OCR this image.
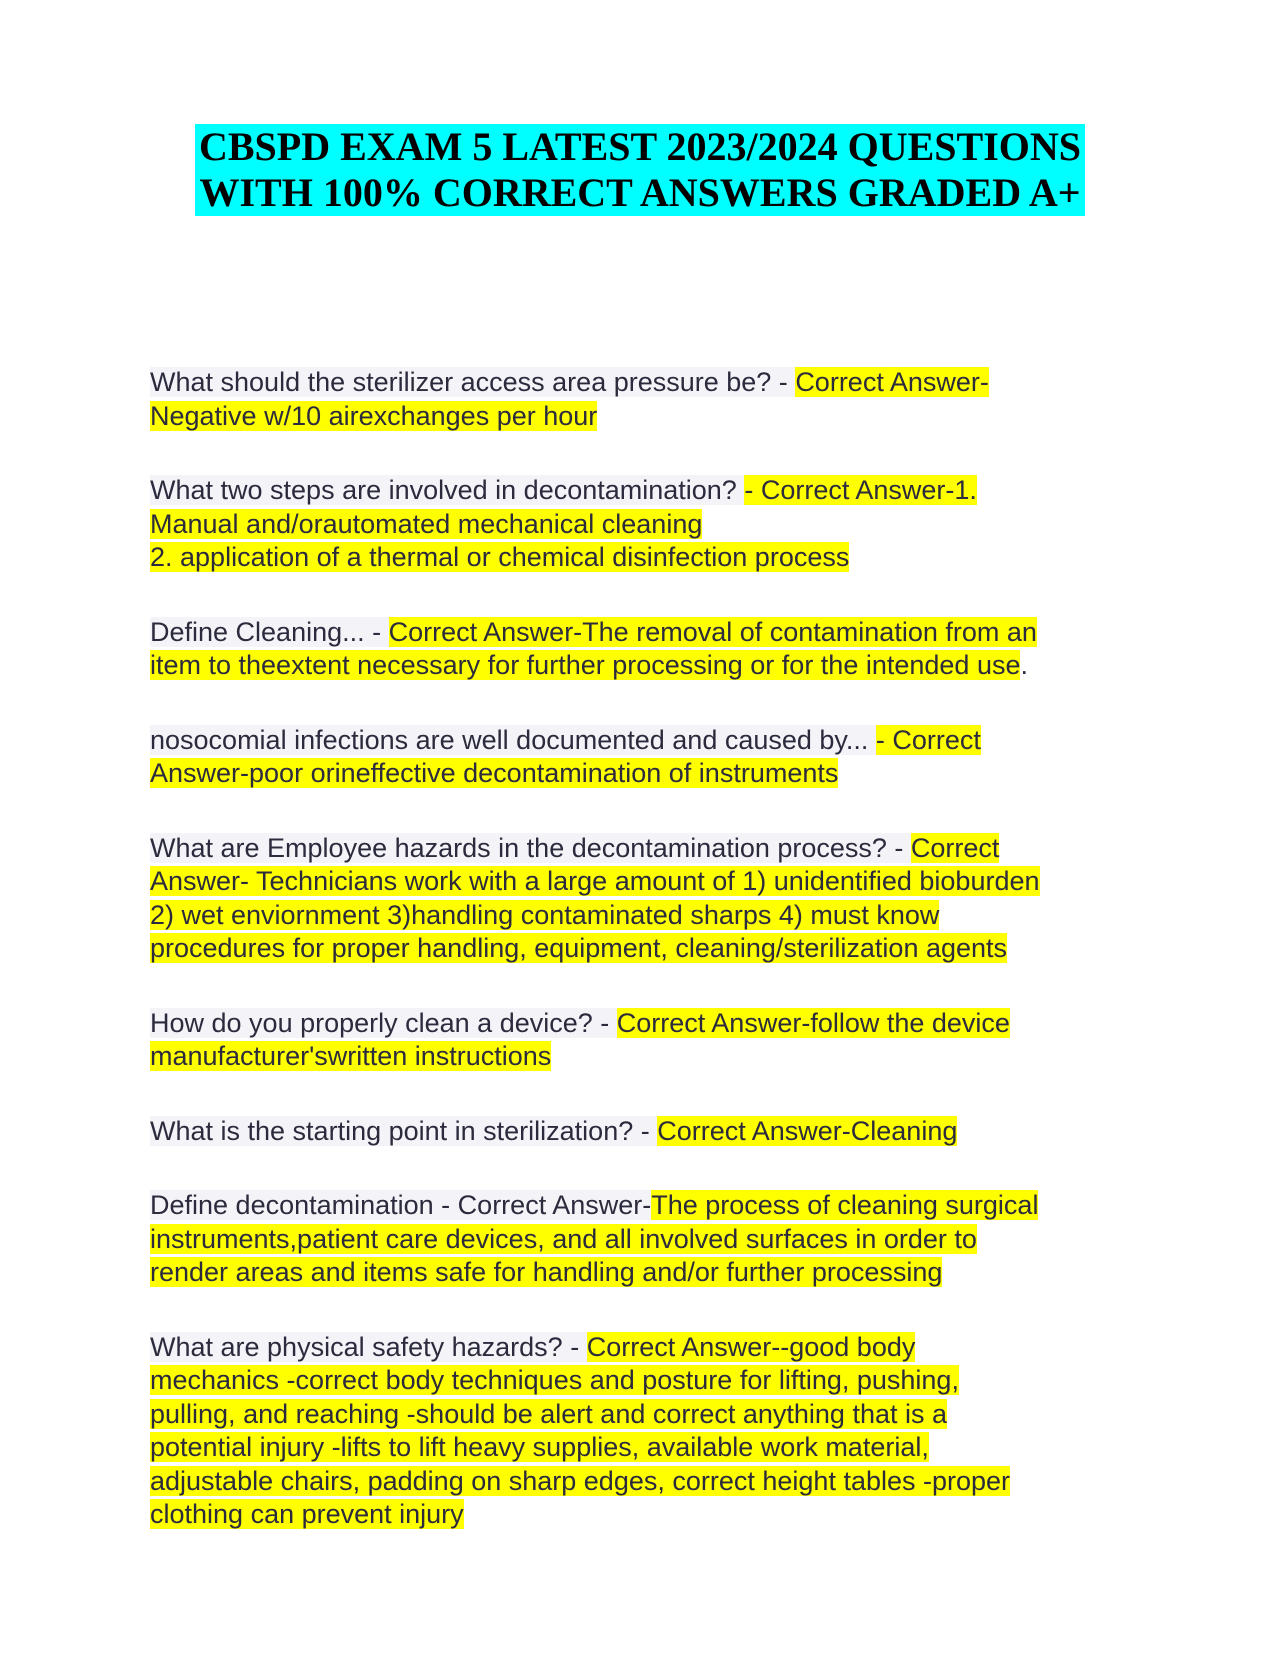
CBSPD EXAM 5 LATEST 2023/2024 QUESTIONS
WITH 100% CORRECT ANSWERS GRADED A+

What should the sterilizer access area pressure be? - Correct Answer-
Negative w/10 airexchanges per hour

What two steps are involved in decontamination? - Correct Answer-1.
Manual and/orautomated mechanical cleaning
2. application of a thermal or chemical disinfection process

Define Cleaning... - Correct Answer-The removal of contamination from an
item to theextent necessary for further processing or for the intended use.

nosocomial infections are well documented and caused by... - Correct
Answer-poor orineffective decontamination of instruments

What are Employee hazards in the decontamination process? - Correct
Answer- Technicians work with a large amount of 1) unidentified bioburden
2) wet enviornment 3)handling contaminated sharps 4) must know
procedures for proper handling, equipment, cleaning/sterilization agents

How do you properly clean a device? - Correct Answer-follow the device
manufacturer'swritten instructions

What is the starting point in sterilization? - Correct Answer-Cleaning

Define decontamination - Correct Answer-The process of cleaning surgical
instruments,patient care devices, and all involved surfaces in order to
render areas and items safe for handling and/or further processing

What are physical safety hazards? - Correct Answer--good body
mechanics -correct body techniques and posture for lifting, pushing,
pulling, and reaching -should be alert and correct anything that is a
potential injury -lifts to lift heavy supplies, available work material,
adjustable chairs, padding on sharp edges, correct height tables -proper
clothing can prevent injury
